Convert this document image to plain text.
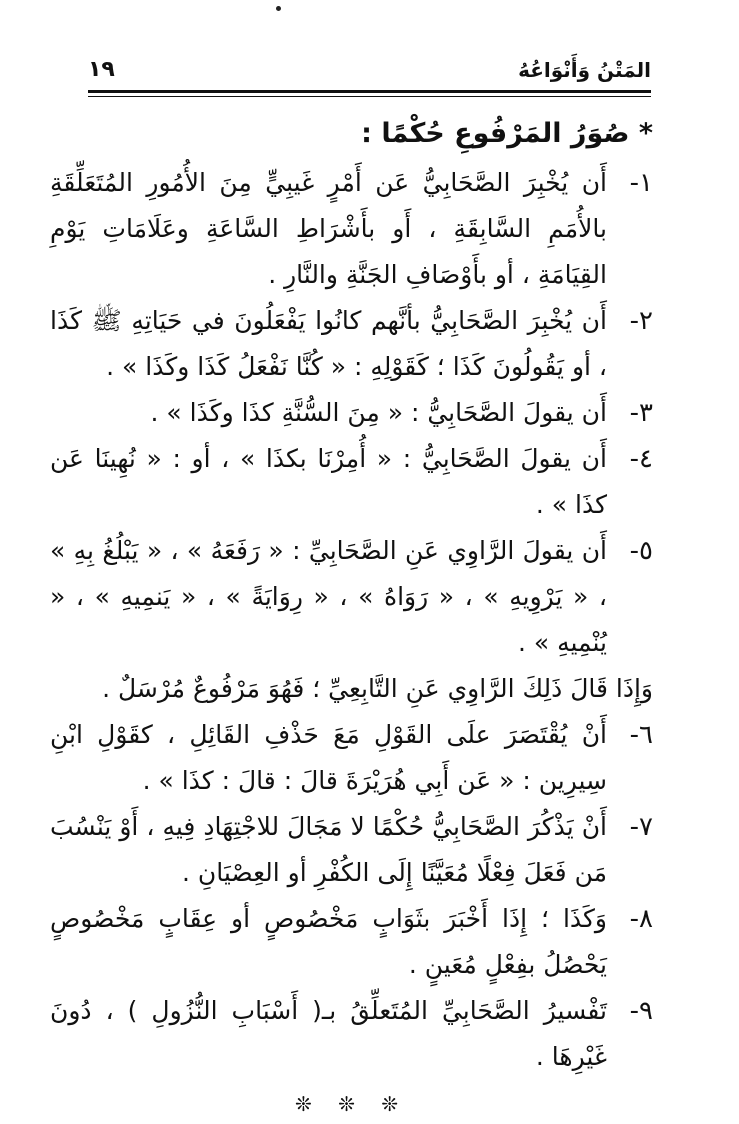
١٩	المَتْنُ وَأَنْوَاعُهُ
* صُوَرُ المَرْفُوعِ حُكْمًا :
١-
أَن يُخْبِرَ الصَّحَابِيُّ عَن أَمْرٍ غَيبِيٍّ مِنَ الأُمُورِ المُتَعَلِّقَةِ بالأُمَمِ السَّابِقَةِ ، أَو بأَشْرَاطِ السَّاعَةِ وعَلَامَاتِ يَوْمِ القِيَامَةِ ، أو بأَوْصَافِ الجَنَّةِ والنَّارِ .
٢-
أَن يُخْبِرَ الصَّحَابِيُّ بأنَّهم كانُوا يَفْعَلُونَ في حَيَاتِهِ ﷺ كَذَا ، أو يَقُولُونَ كَذَا ؛ كَقَوْلِهِ : « كُنَّا نَفْعَلُ كَذَا وكَذَا » .
٣-
أَن يقولَ الصَّحَابِيُّ : « مِنَ السُّنَّةِ كذَا وكَذَا » .
٤-
أَن يقولَ الصَّحَابِيُّ : « أُمِرْنَا بكذَا » ، أو : « نُهِينَا عَن كذَا » .
٥-
أَن يقولَ الرَّاوِي عَنِ الصَّحَابِيِّ : « رَفَعَهُ » ، « يَبْلُغُ بِهِ » ، « يَرْوِيهِ » ، « رَوَاهُ » ، « رِوَايَةً » ، « يَنمِيهِ » ، « يُنْمِيهِ » .

وَإِذَا قَالَ ذَلِكَ الرَّاوِي عَنِ التَّابِعِيِّ ؛ فَهُوَ مَرْفُوعٌ مُرْسَلٌ .

٦-
أَنْ يُقْتَصَرَ علَى القَوْلِ مَعَ حَذْفِ القَائِلِ ، كقَوْلِ ابْنِ سِيرِين : « عَن أَبِي هُرَيْرَةَ قالَ : قالَ : كذَا » .
٧-
أَنْ يَذْكُرَ الصَّحَابِيُّ حُكْمًا لا مَجَالَ للاجْتِهَادِ فِيهِ ، أَوْ يَنْسُبَ مَن فَعَلَ فِعْلًا مُعَيَّنًا إِلَى الكُفْرِ أو العِصْيَانِ .
٨-
وَكَذَا ؛ إِذَا أَخْبَرَ بثَوَابٍ مَخْصُوصٍ أو عِقَابٍ مَخْصُوصٍ يَحْصُلُ بفِعْلٍ مُعَينٍ .
٩-
تَفْسيرُ الصَّحَابِيِّ المُتَعلِّقُ بـ( أَسْبَابِ النُّزُولِ ) ، دُونَ غَيْرِهَا .
❊ ❊ ❊
